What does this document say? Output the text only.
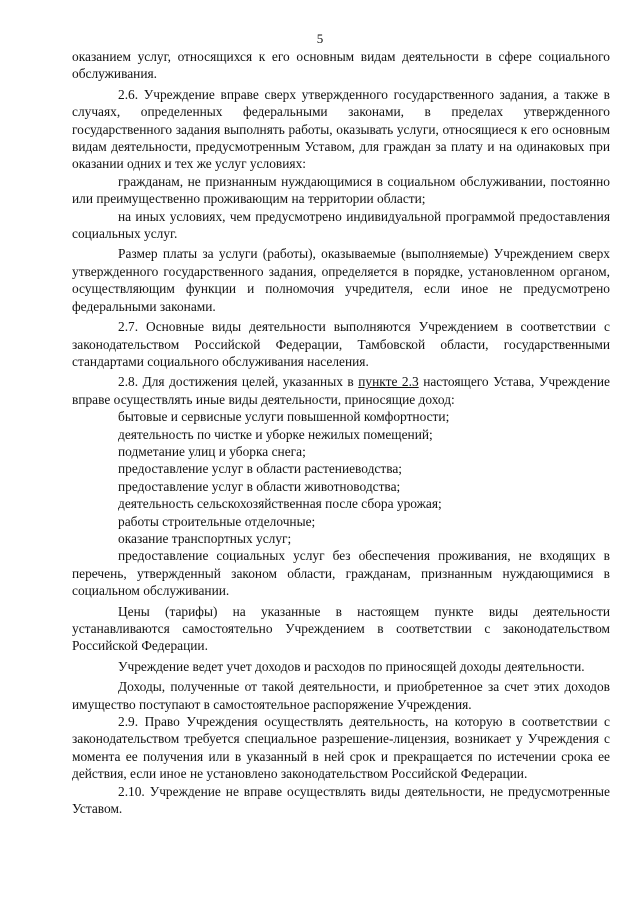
5

оказанием услуг, относящихся к его основным видам деятельности в сфере социального обслуживания.

2.6. Учреждение вправе сверх утвержденного государственного задания, а также в случаях, определенных федеральными законами, в пределах утвержденного государственного задания выполнять работы, оказывать услуги, относящиеся к его основным видам деятельности, предусмотренным Уставом, для граждан за плату и на одинаковых при оказании одних и тех же услуг условиях:

гражданам, не признанным нуждающимися в социальном обслуживании, постоянно или преимущественно проживающим на территории области;

на иных условиях, чем предусмотрено индивидуальной программой предоставления социальных услуг.

Размер платы за услуги (работы), оказываемые (выполняемые) Учреждением сверх утвержденного государственного задания, определяется в порядке, установленном органом, осуществляющим функции и полномочия учредителя, если иное не предусмотрено федеральными законами.

2.7. Основные виды деятельности выполняются Учреждением в соответствии с законодательством Российской Федерации, Тамбовской области, государственными стандартами социального обслуживания населения.

2.8. Для достижения целей, указанных в пункте 2.3 настоящего Устава, Учреждение вправе осуществлять иные виды деятельности, приносящие доход:

бытовые и сервисные услуги повышенной комфортности;

деятельность по чистке и уборке нежилых помещений;

подметание улиц и уборка снега;

предоставление услуг в области растениеводства;

предоставление услуг в области животноводства;

деятельность сельскохозяйственная после сбора урожая;

работы строительные отделочные;

оказание транспортных услуг;

предоставление социальных услуг без обеспечения проживания, не входящих в перечень, утвержденный законом области, гражданам, признанным нуждающимися в социальном обслуживании.

Цены (тарифы) на указанные в настоящем пункте виды деятельности устанавливаются самостоятельно Учреждением в соответствии с законодательством Российской Федерации.

Учреждение ведет учет доходов и расходов по приносящей доходы деятельности.

Доходы, полученные от такой деятельности, и приобретенное за счет этих доходов имущество поступают в самостоятельное распоряжение Учреждения.

2.9. Право Учреждения осуществлять деятельность, на которую в соответствии с законодательством требуется специальное разрешение-лицензия, возникает у Учреждения с момента ее получения или в указанный в ней срок и прекращается по истечении срока ее действия, если иное не установлено законодательством Российской Федерации.

2.10. Учреждение не вправе осуществлять виды деятельности, не предусмотренные Уставом.
